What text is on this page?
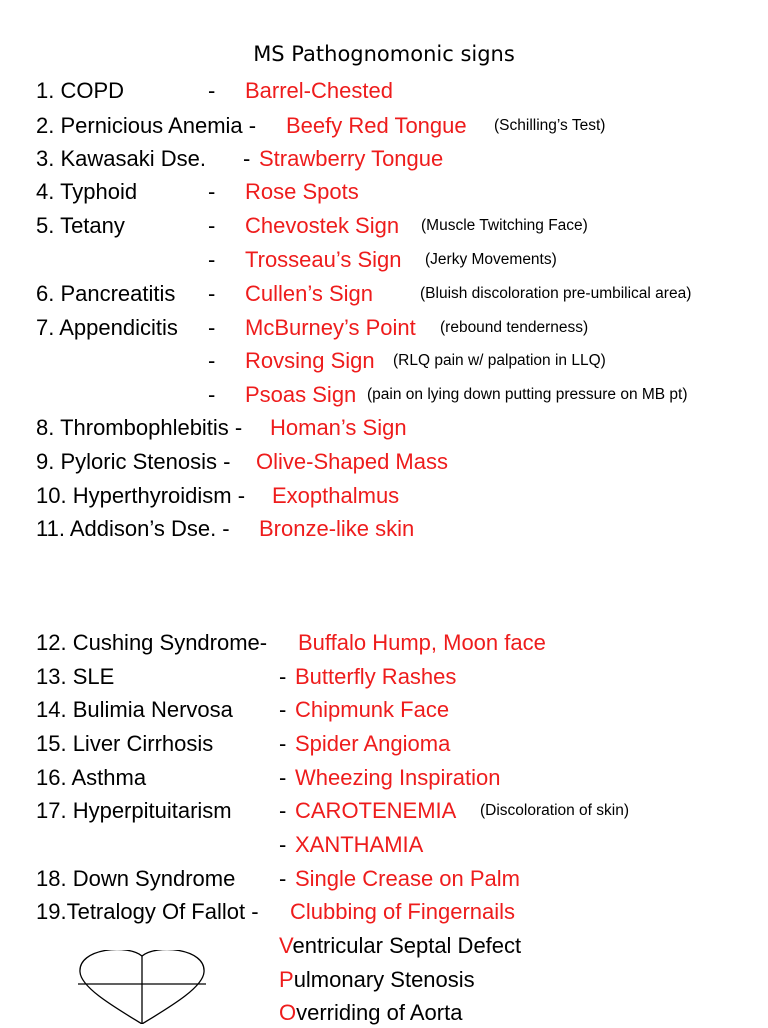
MS Pathognomonic signs
1. COPD	- Barrel-Chested
2. Pernicious Anemia - Beefy Red Tongue (Schilling’s Test)
3. Kawasaki Dse. - Strawberry Tongue
4. Typhoid	- Rose Spots
5. Tetany	- Chevostek Sign (Muscle Twitching Face)
- Trosseau’s Sign (Jerky Movements)
6. Pancreatitis - Cullen’s Sign	(Bluish discoloration pre-umbilical area)
7. Appendicitis - McBurney’s Point (rebound tenderness)
- Rovsing Sign (RLQ pain w/ palpation in LLQ)
- Psoas Sign (pain on lying down putting pressure on MB pt)
8. Thrombophlebitis - Homan’s Sign
9. Pyloric Stenosis - Olive-Shaped Mass
10. Hyperthyroidism - Exopthalmus
11. Addison’s Dse. - Bronze-like skin
12. Cushing Syndrome- Buffalo Hump, Moon face
13. SLE	- Butterfly Rashes
14. Bulimia Nervosa - Chipmunk Face
15. Liver Cirrhosis	- Spider Angioma
16. Asthma	- Wheezing Inspiration
17. Hyperpituitarism - CAROTENEMIA (Discoloration of skin)
- XANTHAMIA
18. Down Syndrome - Single Crease on Palm
19.Tetralogy Of Fallot - Clubbing of Fingernails
Ventricular Septal Defect
Pulmonary Stenosis
Overriding of Aorta
